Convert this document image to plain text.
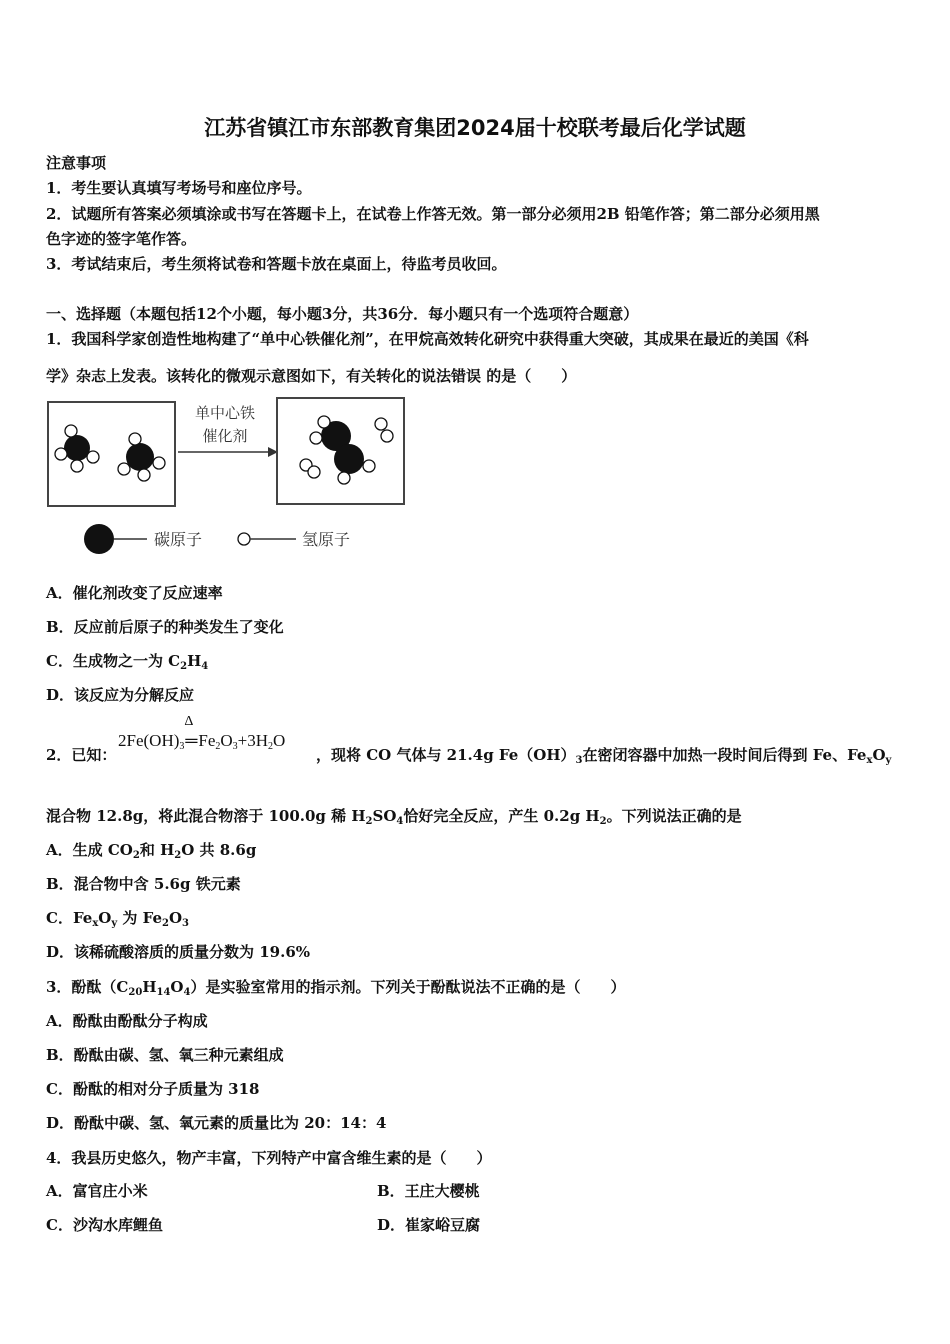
江苏省镇江市东部教育集团2024届十校联考最后化学试题
注意事项
1．考生要认真填写考场号和座位序号。
2．试题所有答案必须填涂或书写在答题卡上，在试卷上作答无效。第一部分必须用2B 铅笔作答；第二部分必须用黑
色字迹的签字笔作答。
3．考试结束后，考生须将试卷和答题卡放在桌面上，待监考员收回。
一、选择题（本题包括12个小题，每小题3分，共36分．每小题只有一个选项符合题意）
1．我国科学家创造性地构建了“单中心铁催化剂”，在甲烷高效转化研究中获得重大突破，其成果在最近的美国《科
学》杂志上发表。该转化的微观示意图如下，有关转化的说法错误 的是（　　）
单中心铁
催化剂
碳原子	氢原子
A．催化剂改变了反应速率
B．反应前后原子的种类发生了变化
C．生成物之一为 $C_2H_4$
D．该反应为分解反应
2．已知：
$2Fe(OH)_3$
Δ
$═Fe_2O_3+3H_2O$
，现将 CO 气体与 21.4g $Fe(OH)_3$在密闭容器中加热一段时间后得到 Fe、$Fe_xO_y$
混合物 12.8g，将此混合物溶于 100.0g 稀 $H_2SO_4$恰好完全反应，产生 0.2g $H_2$。下列说法正确的是
A．生成 $CO_2$和 $H_2O$ 共 8.6g
B．混合物中含 5.6g 铁元素
C．$Fe_xO_y$ 为 $Fe_2O_3$
D．该稀硫酸溶质的质量分数为 19.6%
3．酚酞$(C_{20}H_{14}O_4)$是实验室常用的指示剂。下列关于酚酞说法不正确的是（　　）
A．酚酞由酚酞分子构成
B．酚酞由碳、氢、氧三种元素组成
C．酚酞的相对分子质量为 318
D．酚酞中碳、氢、氧元素的质量比为 20：14：4
4．我县历史悠久，物产丰富，下列特产中富含维生素的是（　　）
A．富官庄小米	B．王庄大樱桃
C．沙沟水库鲤鱼	D．崔家峪豆腐
